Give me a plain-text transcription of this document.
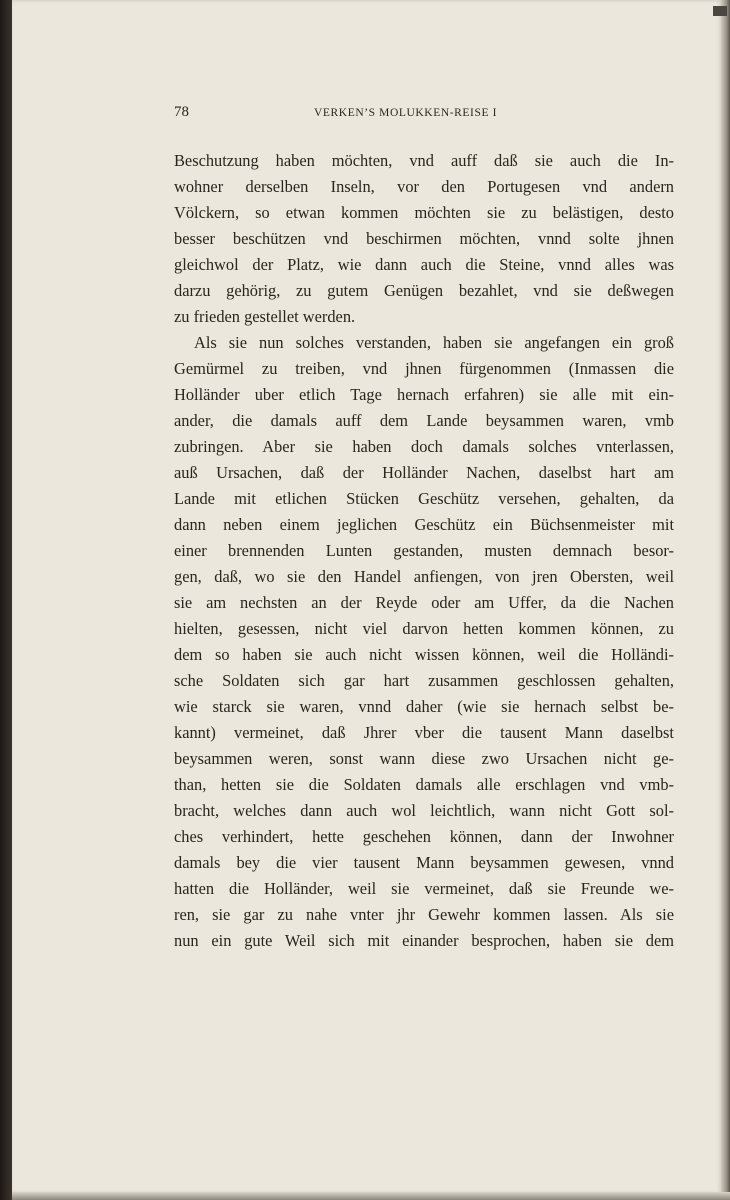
78	VERKEN’S MOLUKKEN-REISE I
Beschutzung haben möchten, vnd auff daß sie auch die In-
wohner derselben Inseln, vor den Portugesen vnd andern
Völckern, so etwan kommen möchten sie zu belästigen, desto
besser beschützen vnd beschirmen möchten, vnnd solte jhnen
gleichwol der Platz, wie dann auch die Steine, vnnd alles was
darzu gehörig, zu gutem Genügen bezahlet, vnd sie deßwegen
zu frieden gestellet werden.
Als sie nun solches verstanden, haben sie angefangen ein groß
Gemürmel zu treiben, vnd jhnen fürgenommen (Inmassen die
Holländer uber etlich Tage hernach erfahren) sie alle mit ein-
ander, die damals auff dem Lande beysammen waren, vmb
zubringen. Aber sie haben doch damals solches vnterlassen,
auß Ursachen, daß der Holländer Nachen, daselbst hart am
Lande mit etlichen Stücken Geschütz versehen, gehalten, da
dann neben einem jeglichen Geschütz ein Büchsenmeister mit
einer brennenden Lunten gestanden, musten demnach besor-
gen, daß, wo sie den Handel anfiengen, von jren Obersten, weil
sie am nechsten an der Reyde oder am Uffer, da die Nachen
hielten, gesessen, nicht viel darvon hetten kommen können, zu
dem so haben sie auch nicht wissen können, weil die Holländi-
sche Soldaten sich gar hart zusammen geschlossen gehalten,
wie starck sie waren, vnnd daher (wie sie hernach selbst be-
kannt) vermeinet, daß Jhrer vber die tausent Mann daselbst
beysammen weren, sonst wann diese zwo Ursachen nicht ge-
than, hetten sie die Soldaten damals alle erschlagen vnd vmb-
bracht, welches dann auch wol leichtlich, wann nicht Gott sol-
ches verhindert, hette geschehen können, dann der Inwohner
damals bey die vier tausent Mann beysammen gewesen, vnnd
hatten die Holländer, weil sie vermeinet, daß sie Freunde we-
ren, sie gar zu nahe vnter jhr Gewehr kommen lassen. Als sie
nun ein gute Weil sich mit einander besprochen, haben sie dem
